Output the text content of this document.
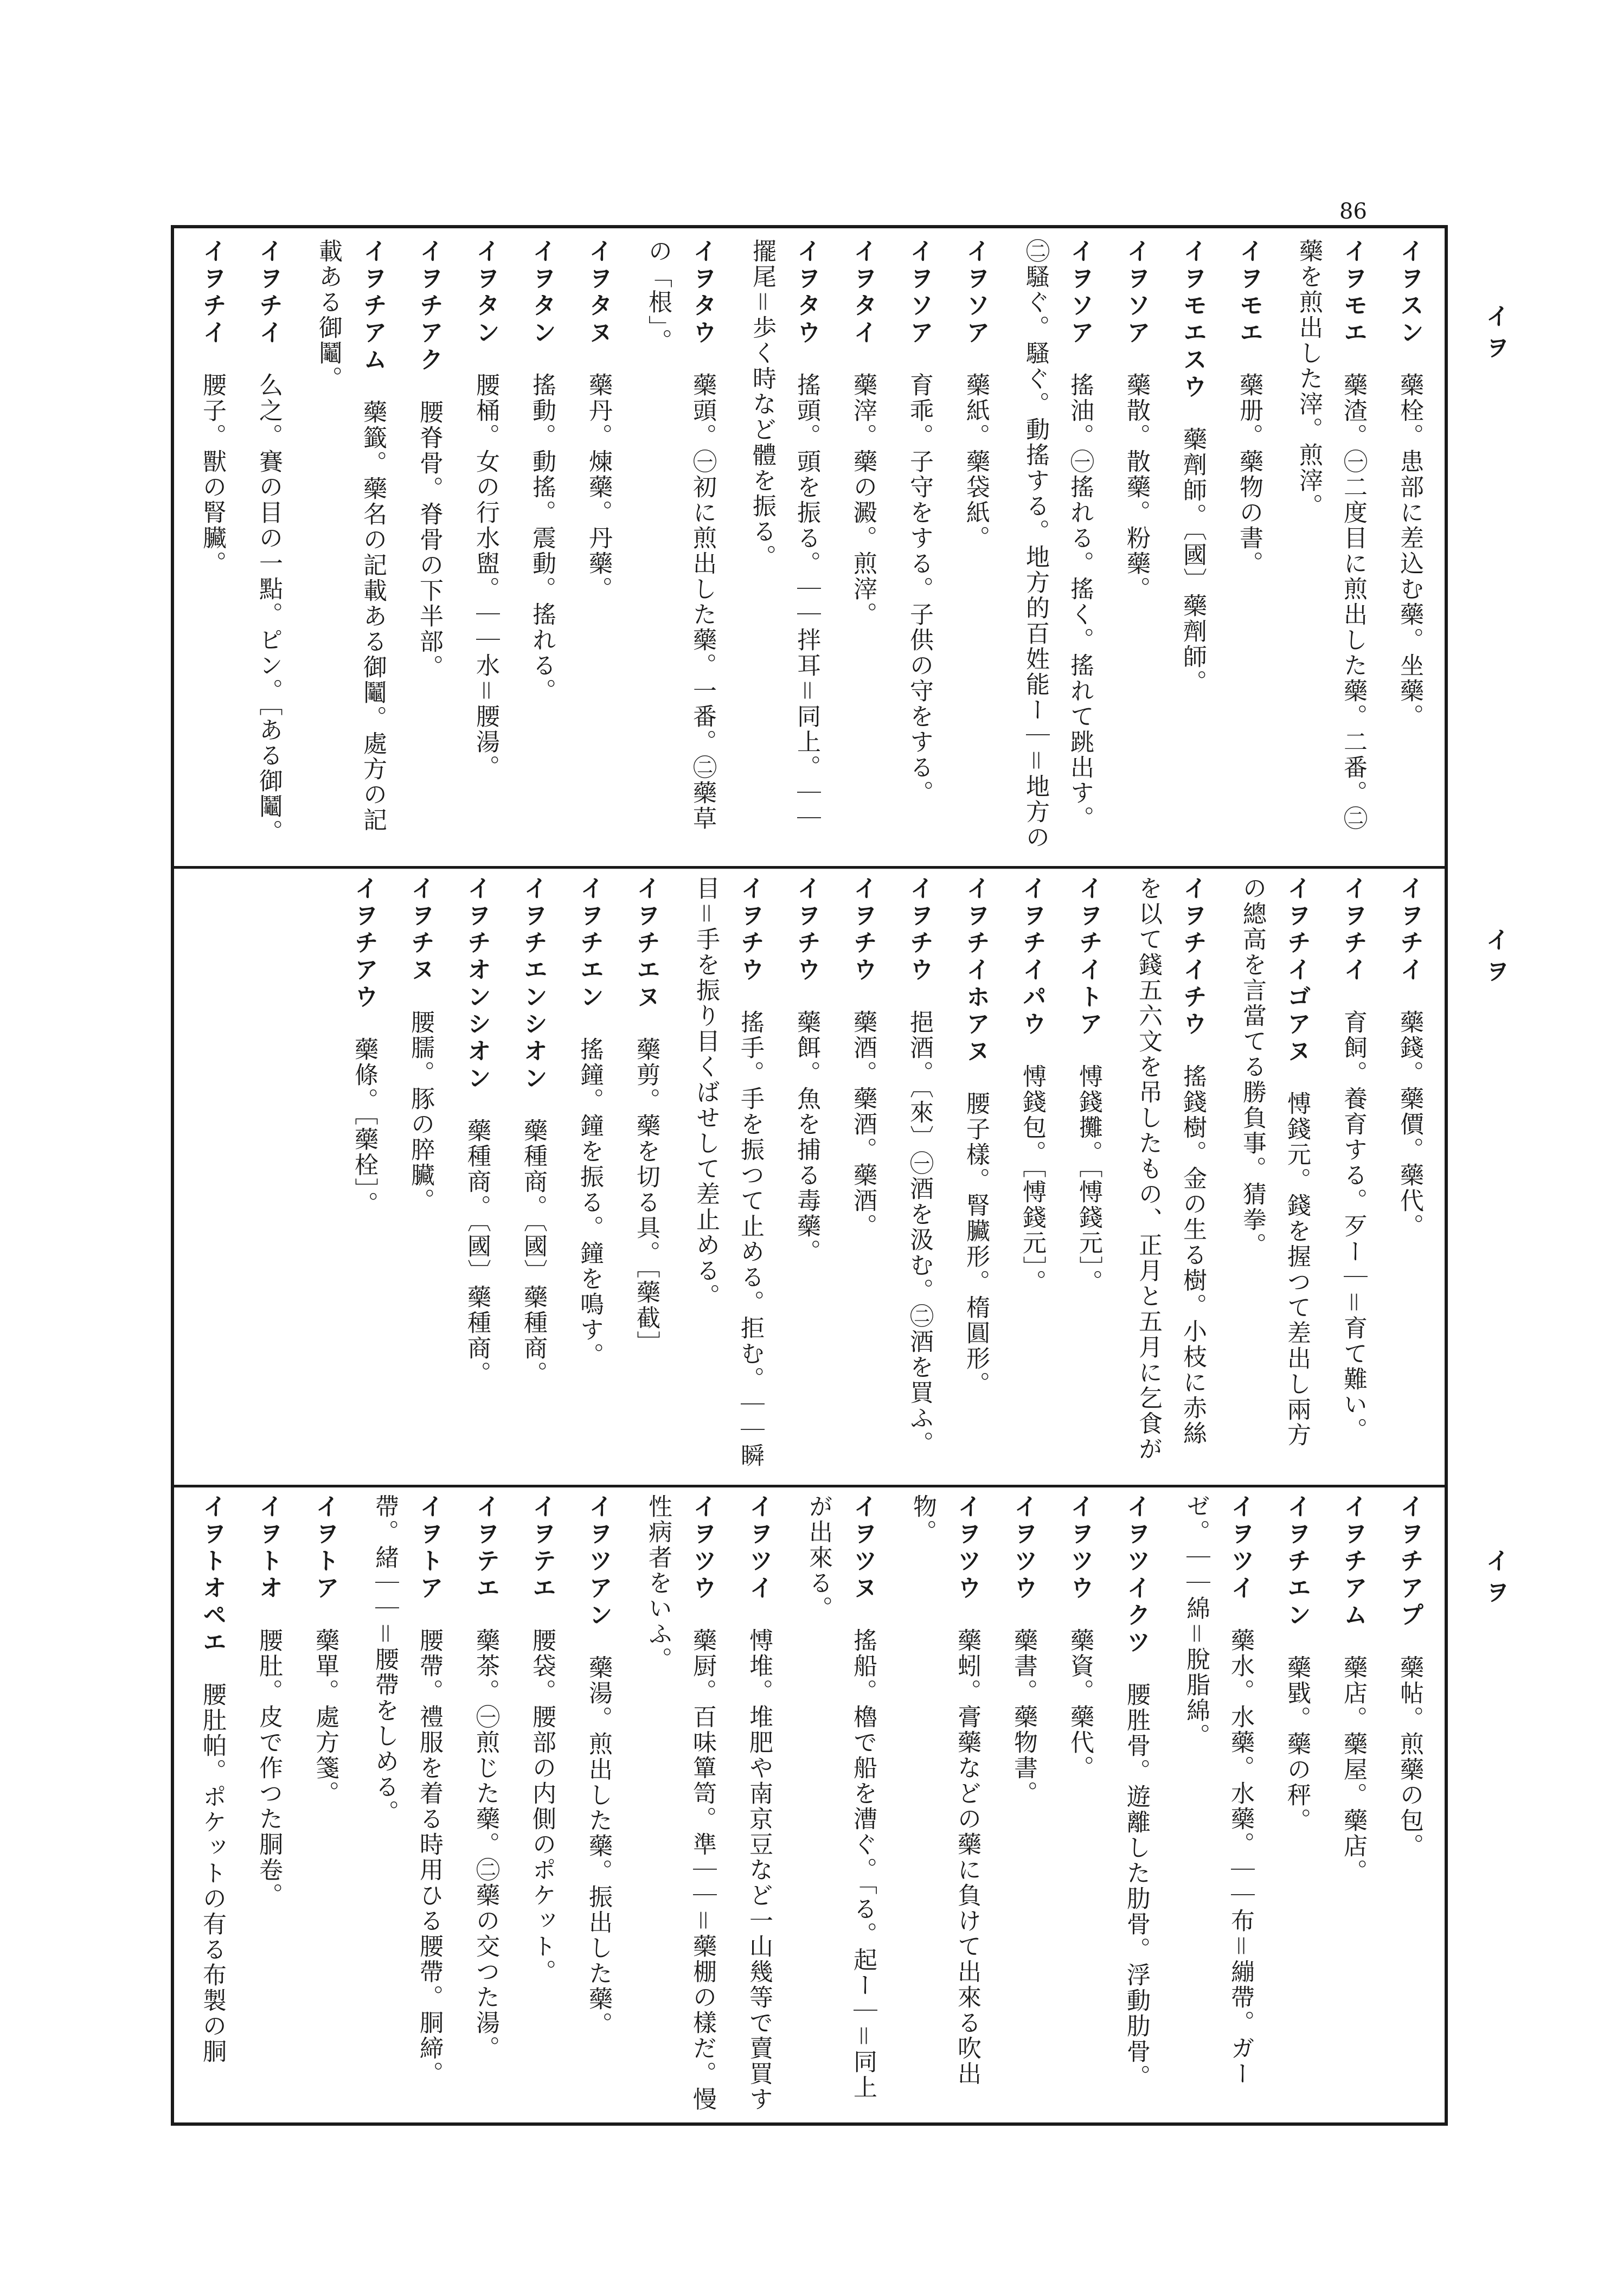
86
イヲ
イヲ
イヲ
イヲスン　藥栓。患部に差込む藥。坐藥。
イヲモエ　藥渣。㊀二度目に煎出した藥。二番。㊁藥を煎出した滓。煎滓。
イヲモエ　藥册。藥物の書。
イヲモエスウ　藥劑師。〔國〕藥劑師。
イヲソア　藥散。散藥。粉藥。
イヲソア　搖油。㊀搖れる。搖く。搖れて跳出す。㊁騷ぐ。騷ぐ。動搖する。地方的百姓能ー｜＝地方の
イヲソア　藥紙。藥袋紙。
イヲソア　育乖。子守をする。子供の守をする。
イヲタイ　藥滓。藥の澱。煎滓。
イヲタウ　搖頭。頭を振る。｜｜拌耳＝同上。｜｜擺尾＝歩く時など體を振る。
イヲタウ　藥頭。㊀初に煎出した藥。一番。㊁藥草の「根」。
イヲタヌ　藥丹。煉藥。丹藥。
イヲタン　搖動。動搖。震動。搖れる。
イヲタン　腰桶。女の行水盥。｜｜水＝腰湯。
イヲチアク　腰脊骨。脊骨の下半部。
イヲチアム　藥籤。藥名の記載ある御鬮。處方の記載ある御鬮。
イヲチイ　么之。賽の目の一點。ピン。［ある御鬮。
イヲチイ　腰子。獸の腎臟。

イヲチイ　藥錢。藥價。藥代。
イヲチイ　育飼。養育する。歹ー｜＝育て難い。
イヲチイゴアヌ　愽錢元。錢を握つて差出し兩方の總高を言當てる勝負事。猜拳。
イヲチイチウ　搖錢樹。金の生る樹。小枝に赤絲を以て錢五六文を吊したもの、正月と五月に乞食が
イヲチイトア　愽錢攤。［愽錢元］。
イヲチイパウ　愽錢包。［愽錢元］。
イヲチイホアヌ　腰子樣。腎臟形。楕圓形。
イヲチウ　挹酒。〔來〕㊀酒を汲む。㊁酒を買ふ。
イヲチウ　藥酒。藥酒。藥酒。
イヲチウ　藥餌。魚を捕る毒藥。
イヲチウ　搖手。手を振つて止める。拒む。｜｜瞬目＝手を振り目くばせして差止める。
イヲチエヌ　藥剪。藥を切る具。［藥截］
イヲチエン　搖鐘。鐘を振る。鐘を鳴す。
イヲチエンシオン　藥種商。〔國〕藥種商。
イヲチオンシオン　藥種商。〔國〕藥種商。
イヲチヌ　腰臑。豚の脺臟。
イヲチアウ　藥條。［藥栓］。
イヲチアプ　藥帖。煎藥の包。
イヲチアム　藥店。藥屋。藥店。
イヲチエン　藥戥。藥の秤。
イヲツイ　藥水。水藥。水藥。｜｜布＝繃帶。ガーゼ。｜｜綿＝脫脂綿。
イヲツイクツ　腰胜骨。遊離した肋骨。浮動肋骨。
イヲツウ　藥資。藥代。
イヲツウ　藥書。藥物書。
イヲツウ　藥蚓。膏藥などの藥に負けて出來る吹出物。
イヲツヌ　搖船。櫓で船を漕ぐ。「る。起ー｜＝同上が出來る。
イヲツイ　愽堆。堆肥や南京豆など一山幾等で賣買す
イヲツウ　藥厨。百味簞笥。準｜｜＝藥棚の樣だ。慢性病者をいふ。
イヲツアン　藥湯。煎出した藥。振出した藥。
イヲテエ　腰袋。腰部の内側のポケット。
イヲテエ　藥茶。㊀煎じた藥。㊁藥の交つた湯。
イヲトア　腰帶。禮服を着る時用ひる腰帶。胴締。帶。緒｜｜＝腰帶をしめる。
イヲトア　藥單。處方箋。
イヲトオ　腰肚。皮で作つた胴卷。
イヲトオペエ　腰肚帕。ポケットの有る布製の胴
